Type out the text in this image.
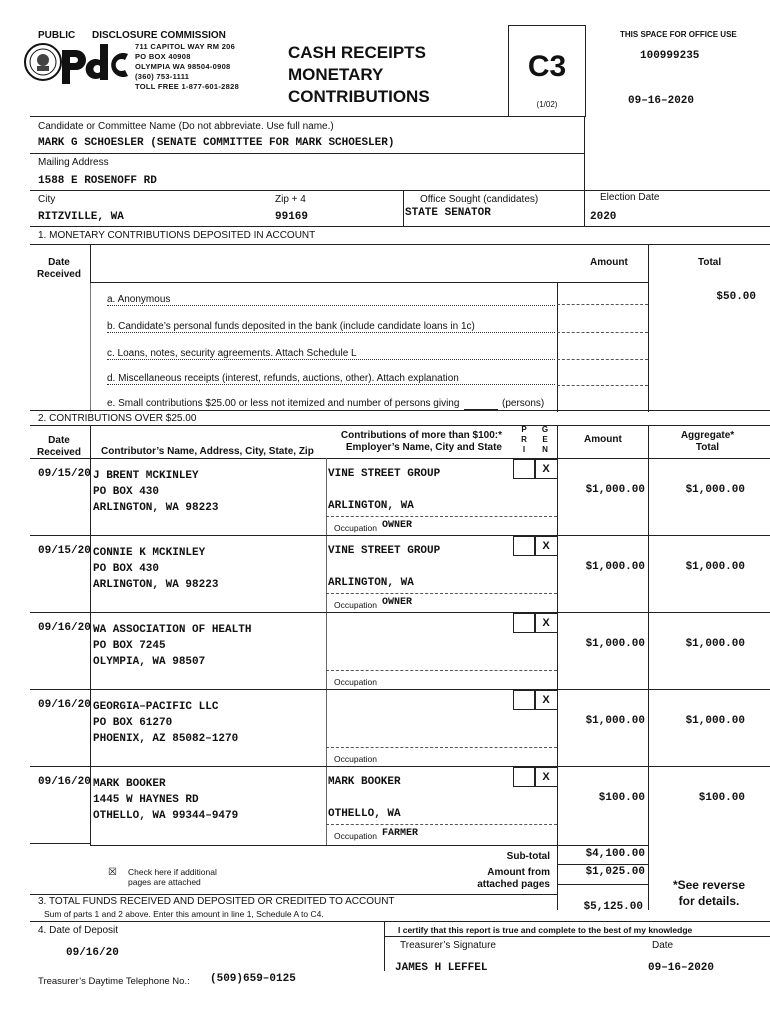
PUBLIC DISCLOSURE COMMISSION
711 CAPITOL WAY RM 206
PO BOX 40908
OLYMPIA WA 98504-0908
(360) 753-1111
TOLL FREE 1-877-601-2828
CASH RECEIPTS
MONETARY
CONTRIBUTIONS
C3
(1/02)
THIS SPACE FOR OFFICE USE
100999235
09–16–2020
Candidate or Committee Name (Do not abbreviate. Use full name.)
MARK G SCHOESLER (SENATE COMMITTEE FOR MARK SCHOESLER)
Mailing Address
1588 E ROSENOFF RD
City
RITZVILLE, WA
Zip + 4
99169
Office Sought (candidates)
STATE SENATOR
Election Date
2020
1. MONETARY CONTRIBUTIONS DEPOSITED IN ACCOUNT
Date
Received
Amount	Total
a. Anonymous	$50.00
b. Candidate’s personal funds deposited in the bank (include candidate loans in 1c)
c. Loans, notes, security agreements. Attach Schedule L
d. Miscellaneous receipts (interest, refunds, auctions, other). Attach explanation
e. Small contributions $25.00 or less not itemized and number of persons giving	(persons)
2. CONTRIBUTIONS OVER $25.00
Date
Received	Contributor’s Name, Address, City, State, Zip
Contributions of more than $100:*
Employer’s Name, City and State
P
R
I
G
E
N
Amount	Aggregate*
Total
09/15/20 J BRENT MCKINLEY
PO BOX 430
ARLINGTON, WA 98223
VINE STREET GROUP
ARLINGTON, WA
Occupation OWNER
X
$1,000.00	$1,000.00
09/15/20 CONNIE K MCKINLEY
PO BOX 430
ARLINGTON, WA 98223
VINE STREET GROUP
ARLINGTON, WA
Occupation OWNER
X
$1,000.00	$1,000.00
09/16/20 WA ASSOCIATION OF HEALTH
PO BOX 7245
OLYMPIA, WA 98507
Occupation
X
$1,000.00	$1,000.00
09/16/20 GEORGIA–PACIFIC LLC
PO BOX 61270
PHOENIX, AZ 85082–1270
Occupation
X
$1,000.00	$1,000.00
09/16/20 MARK BOOKER
1445 W HAYNES RD
OTHELLO, WA 99344–9479
MARK BOOKER
OTHELLO, WA
Occupation FARMER
X
$100.00	$100.00
☒ Check here if additional
pages are attached
Sub-total	$4,100.00
Amount from
attached pages
$1,025.00
*See reverse
for details.
3. TOTAL FUNDS RECEIVED AND DEPOSITED OR CREDITED TO ACCOUNT
Sum of parts 1 and 2 above. Enter this amount in line 1, Schedule A to C4.
$5,125.00
4. Date of Deposit
09/16/20
Treasurer’s Daytime Telephone No.: (509)659–0125
I certify that this report is true and complete to the best of my knowledge
Treasurer’s Signature	Date
JAMES H LEFFEL	09–16–2020
